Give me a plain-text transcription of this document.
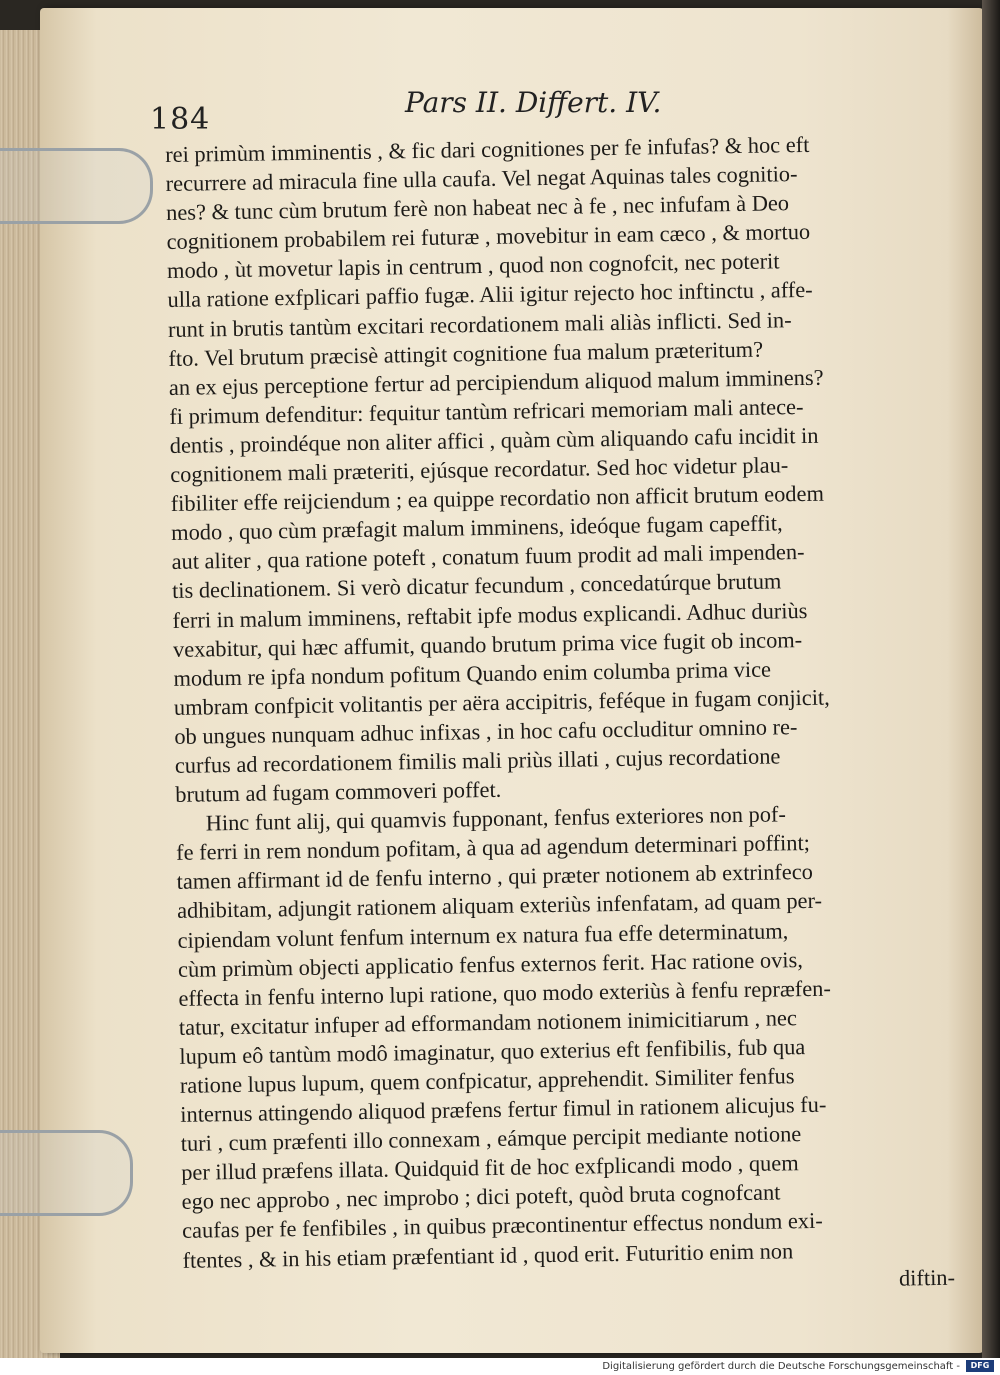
184	Pars II. Differt. IV.
rei primùm imminentis , & fic dari cognitiones per fe infufas? & hoc eft
recurrere ad miracula fine ulla caufa. Vel negat Aquinas tales cognitio-
nes? & tunc cùm brutum ferè non habeat nec à fe , nec infufam à Deo
cognitionem probabilem rei futuræ , movebitur in eam cæco , & mortuo
modo , ùt movetur lapis in centrum , quod non cognofcit, nec poterit
ulla ratione exfplicari paffio fugæ. Alii igitur rejecto hoc inftinctu , affe-
runt in brutis tantùm excitari recordationem mali aliàs inflicti. Sed in-
fto. Vel brutum præcisè attingit cognitione fua malum præteritum?
an ex ejus perceptione fertur ad percipiendum aliquod malum imminens?
fi primum defenditur: fequitur tantùm refricari memoriam mali antece-
dentis , proindéque non aliter affici , quàm cùm aliquando cafu incidit in
cognitionem mali præteriti, ejúsque recordatur. Sed hoc videtur plau-
fibiliter effe reijciendum ; ea quippe recordatio non afficit brutum eodem
modo , quo cùm præfagit malum imminens, ideóque fugam capeffit,
aut aliter , qua ratione poteft , conatum fuum prodit ad mali impenden-
tis declinationem. Si verò dicatur fecundum , concedatúrque brutum
ferri in malum imminens, reftabit ipfe modus explicandi. Adhuc duriùs
vexabitur, qui hæc affumit, quando brutum prima vice fugit ob incom-
modum re ipfa nondum pofitum Quando enim columba prima vice
umbram confpicit volitantis per aëra accipitris, feféque in fugam conjicit,
ob ungues nunquam adhuc infixas , in hoc cafu occluditur omnino re-
curfus ad recordationem fimilis mali priùs illati , cujus recordatione
brutum ad fugam commoveri poffet.
Hinc funt alij, qui quamvis fupponant, fenfus exteriores non pof-
fe ferri in rem nondum pofitam, à qua ad agendum determinari poffint;
tamen affirmant id de fenfu interno , qui præter notionem ab extrinfeco
adhibitam, adjungit rationem aliquam exteriùs infenfatam, ad quam per-
cipiendam volunt fenfum internum ex natura fua effe determinatum,
cùm primùm objecti applicatio fenfus externos ferit. Hac ratione ovis,
effecta in fenfu interno lupi ratione, quo modo exteriùs à fenfu repræfen-
tatur, excitatur infuper ad efformandam notionem inimicitiarum , nec
lupum eô tantùm modô imaginatur, quo exterius eft fenfibilis, fub qua
ratione lupus lupum, quem confpicatur, apprehendit. Similiter fenfus
internus attingendo aliquod præfens fertur fimul in rationem alicujus fu-
turi , cum præfenti illo connexam , eámque percipit mediante notione
per illud præfens illata. Quidquid fit de hoc exfplicandi modo , quem
ego nec approbo , nec improbo ; dici poteft, quòd bruta cognofcant
caufas per fe fenfibiles , in quibus præcontinentur effectus nondum exi-
ftentes , & in his etiam præfentiant id , quod erit. Futuritio enim non
diftin-
Digitalisierung gefördert durch die Deutsche Forschungsgemeinschaft -	DFG
